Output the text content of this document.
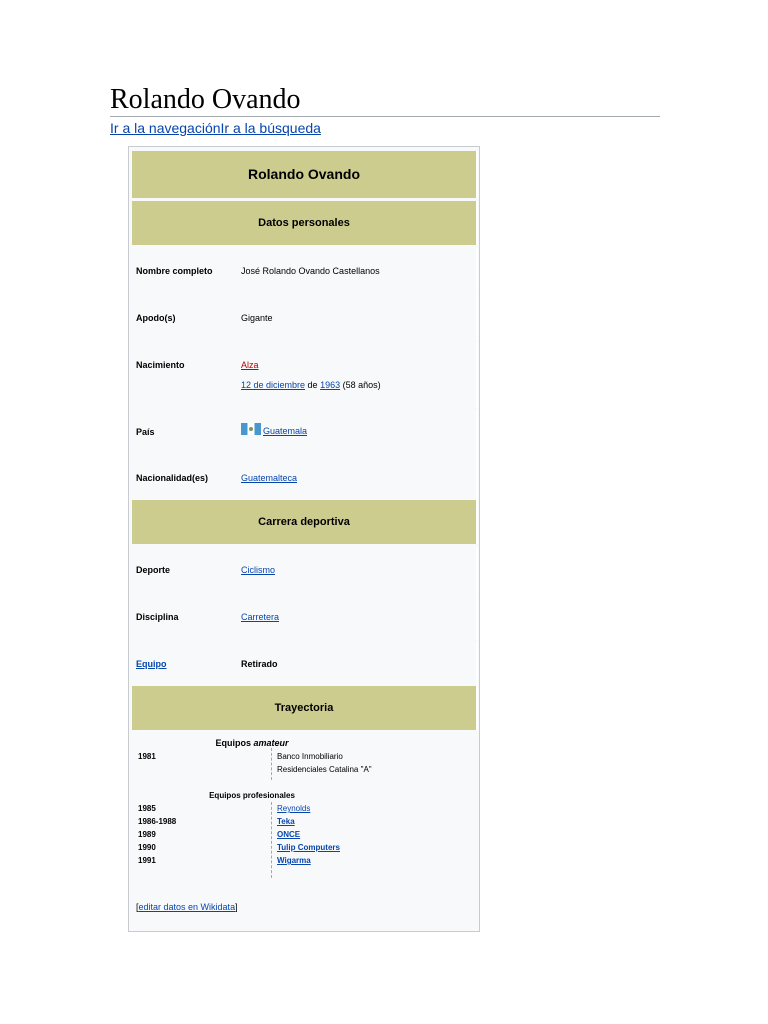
Rolando Ovando
Ir a la navegaciónIr a la búsqueda
Rolando Ovando
Datos personales
Nombre completo	José Rolando Ovando Castellanos
Apodo(s)	Gigante
Nacimiento	Alza
12 de diciembre de 1963 (58 años)
País	Guatemala
Nacionalidad(es)	Guatemalteca
Carrera deportiva
Deporte	Ciclismo
Disciplina	Carretera
Equipo	Retirado
Trayectoria
Equipos amateur
1981	Banco Inmobiliario
Residenciales Catalina "A"
Equipos profesionales
1985	Reynolds
1986-1988	Teka
1989	ONCE
1990	Tulip Computers
1991	Wigarma
[editar datos en Wikidata]
